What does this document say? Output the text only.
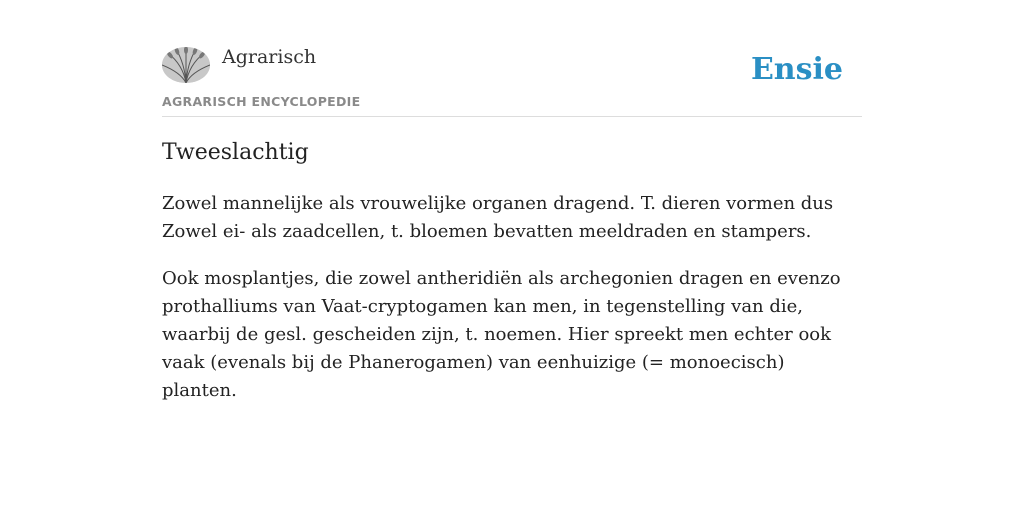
Agrarisch
AGRARISCH ENCYCLOPEDIE
Ensie
Tweeslachtig

Zowel mannelijke als vrouwelijke organen dragend. T. dieren vormen dus Zowel ei- als zaadcellen, t. bloemen bevatten meeldraden en stampers.

Ook mosplantjes, die zowel antheridiën als archegonien dragen en evenzo prothalliums van Vaat-cryptogamen kan men, in tegenstelling van die, waarbij de gesl. gescheiden zijn, t. noemen. Hier spreekt men echter ook vaak (evenals bij de Phanerogamen) van eenhuizige (= monoecisch) planten.
